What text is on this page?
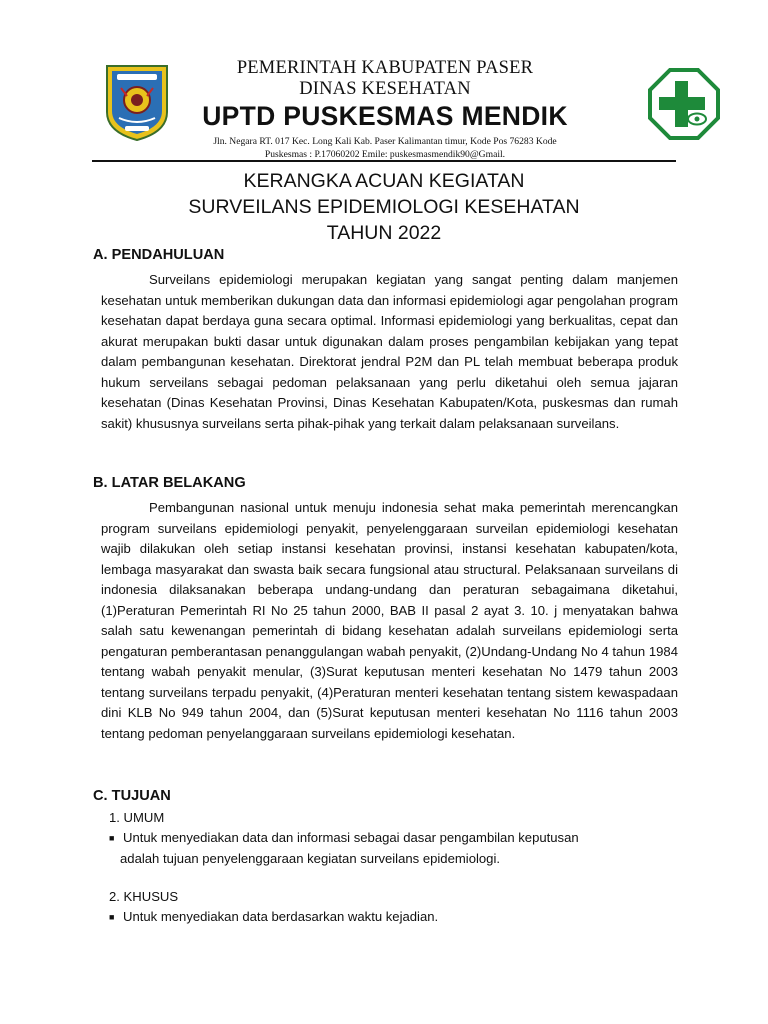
PEMERINTAH KABUPATEN PASER
DINAS KESEHATAN
UPTD PUSKESMAS MENDIK
Jln. Negara RT. 017 Kec. Long Kali Kab. Paser Kalimantan timur, Kode Pos 76283 Kode
Puskesmas : P.17060202 Emile: puskesmasmendik90@Gmail.
KERANGKA ACUAN KEGIATAN
SURVEILANS EPIDEMIOLOGI KESEHATAN
TAHUN 2022

A. PENDAHULUAN

Surveilans epidemiologi merupakan kegiatan yang sangat penting dalam manjemen kesehatan untuk memberikan dukungan data dan informasi epidemiologi agar pengolahan program kesehatan dapat berdaya guna secara optimal. Informasi epidemiologi yang berkualitas, cepat dan akurat merupakan bukti dasar untuk digunakan dalam proses pengambilan kebijakan yang tepat dalam pembangunan kesehatan. Direktorat jendral P2M dan PL telah membuat beberapa produk hukum serveilans sebagai pedoman pelaksanaan yang perlu diketahui oleh semua jajaran kesehatan (Dinas Kesehatan Provinsi, Dinas Kesehatan Kabupaten/Kota, puskesmas dan rumah sakit) khususnya surveilans serta pihak-pihak yang terkait dalam pelaksanaan surveilans.

B. LATAR BELAKANG

Pembangunan nasional untuk menuju indonesia sehat maka pemerintah merencangkan program surveilans epidemiologi penyakit, penyelenggaraan surveilan epidemiologi kesehatan wajib dilakukan oleh setiap instansi kesehatan provinsi, instansi kesehatan kabupaten/kota, lembaga masyarakat dan swasta baik secara fungsional atau structural. Pelaksanaan surveilans di indonesia dilaksanakan beberapa undang-undang dan peraturan sebagaimana diketahui, (1)Peraturan Pemerintah RI No 25 tahun 2000, BAB II pasal 2 ayat 3. 10. j menyatakan bahwa salah satu kewenangan pemerintah di bidang kesehatan adalah surveilans epidemiologi serta pengaturan pemberantasan penanggulangan wabah penyakit, (2)Undang-Undang No 4 tahun 1984 tentang wabah penyakit menular, (3)Surat keputusan menteri kesehatan No 1479 tahun 2003 tentang surveilans terpadu penyakit, (4)Peraturan menteri kesehatan tentang sistem kewaspadaan dini KLB No 949 tahun 2004, dan (5)Surat keputusan menteri kesehatan No 1116 tahun 2003 tentang pedoman penyelanggaraan surveilans epidemiologi kesehatan.

C. TUJUAN

1. UMUM

■ Untuk menyediakan data dan informasi sebagai dasar pengambilan keputusan
adalah tujuan penyelenggaraan kegiatan surveilans epidemiologi.

2. KHUSUS

■ Untuk menyediakan data berdasarkan waktu kejadian.
